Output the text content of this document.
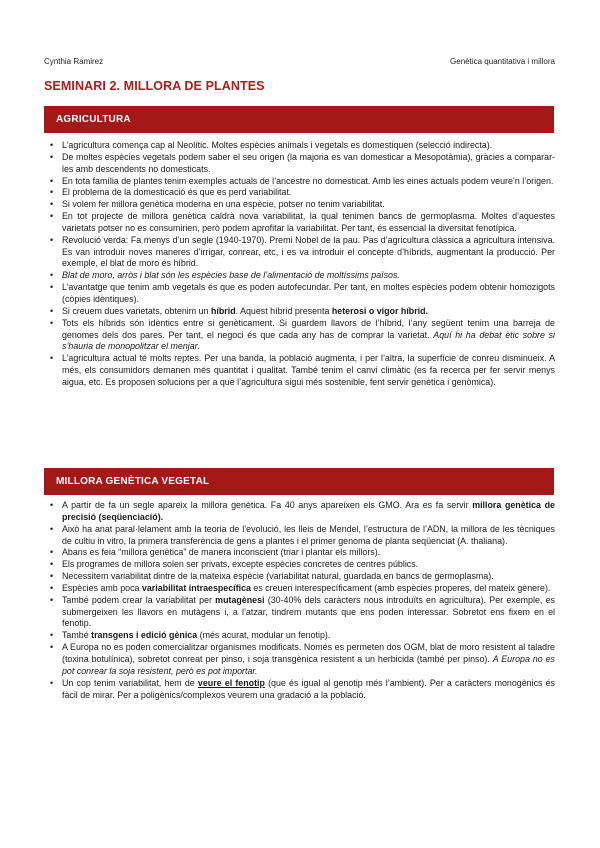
Cynthia Ramirez	Genètica quantitativa i millora
SEMINARI 2. MILLORA DE PLANTES
AGRICULTURA
• L’agricultura comença cap al Neolític. Moltes espècies animals i vegetals es domestiquen (selecció indirecta).
• De moltes espècies vegetals podem saber el seu origen (la majoria es van domesticar a Mesopotàmia), gràcies a comparar-les amb descendents no domesticats.
• En tota família de plantes tenim exemples actuals de l’ancestre no domesticat. Amb les eines actuals podem veure’n l’origen.
• El problema de la domesticació és que es perd variabilitat.
• Si volem fer millora genètica moderna en una espècie, potser no tenim variabilitat.
• En tot projecte de millora genètica caldrà nova variabilitat, la qual tenimen bancs de germoplasma. Moltes d’aquestes varietats potser no es consumirien, però podem aprofitar la variabilitat. Per tant, és essencial la diversitat fenotípica.
• Revolució verda: Fa menys d’un segle (1940-1970). Premi Nobel de la pau. Pas d’agricultura clàssica a agricultura intensiva. Es van introduir noves maneres d’irrigar, conrear, etc, i es va introduir el concepte d’híbrids, augmentant la producció. Per exemple, el blat de moro és híbrid.
• Blat de moro, arròs i blat són les espècies base de l’alimentació de moltíssims països.
• L’avantatge que tenim amb vegetals és que es poden autofecundar. Per tant, en moltes espècies podem obtenir homozigots (còpies idèntiques).
• Si creuem dues varietats, obtenim un híbrid. Aquest híbrid presenta heterosi o vigor híbrid.
• Tots els híbrids són idèntics entre si genèticament. Si guardem llavors de l’híbrid, l’any següent tenim una barreja de genomes dels dos pares. Per tant, el negoci és que cada any has de comprar la varietat. Aquí hi ha debat ètic sobre si s’hauria de monopolitzar el menjar.
• L’agricultura actual té molts reptes. Per una banda, la població augmenta, i per l’altra, la superfície de conreu disminueix. A més, els consumidors demanen més quantitat i qualitat. També tenim el canvi climàtic (es fa recerca per fer servir menys aigua, etc. Es proposen solucions per a que l’agricultura sigui més sostenible, fent servir genètica i genòmica).
MILLORA GENÈTICA VEGETAL
• A partir de fa un segle apareix la millora genètica. Fa 40 anys apareixen els GMO. Ara es fa servir millora genètica de precisió (seqüenciació).
• Això ha anat paral·lelament amb la teoria de l’evolució, les lleis de Mendel, l’estructura de l’ADN, la millora de les tècniques de cultiu in vitro, la primera transferència de gens a plantes i el primer genoma de planta seqüenciat (A. thaliana).
• Abans es feia “millora genètica” de manera inconscient (triar i plantar els millors).
• Els programes de millora solen ser privats, excepte espècies concretes de centres públics.
• Necessitem variabilitat dintre de la mateixa espècie (variabilitat natural, guardada en bancs de germoplasma).
• Espècies amb poca variabilitat intraespecífica es creuen interespecíficament (amb espècies properes, del mateix gènere).
• També podem crear la variabilitat per mutagènesi (30-40% dels caràcters nous introduïts en agricultura). Per exemple, es submergeixen les llavors en mutàgens i, a l’atzar, tindrem mutants que ens poden interessar. Sobretot ens fixem en el fenotip.
• També transgens i edició gènica (més acurat, modular un fenotip).
• A Europa no es poden comercialitzar organismes modificats. Només es permeten dos OGM, blat de moro resistent al taladre (toxina botulínica), sobretot conreat per pinso, i soja transgènica resistent a un herbicida (també per pinso). A Europa no es pot conrear la soja resistent, però es pot importar.
• Un cop tenim variabilitat, hem de veure el fenotip (que és igual al genotip més l’ambient). Per a caràcters monogènics és fàcil de mirar. Per a poligènics/complexos veurem una gradació a la població.
